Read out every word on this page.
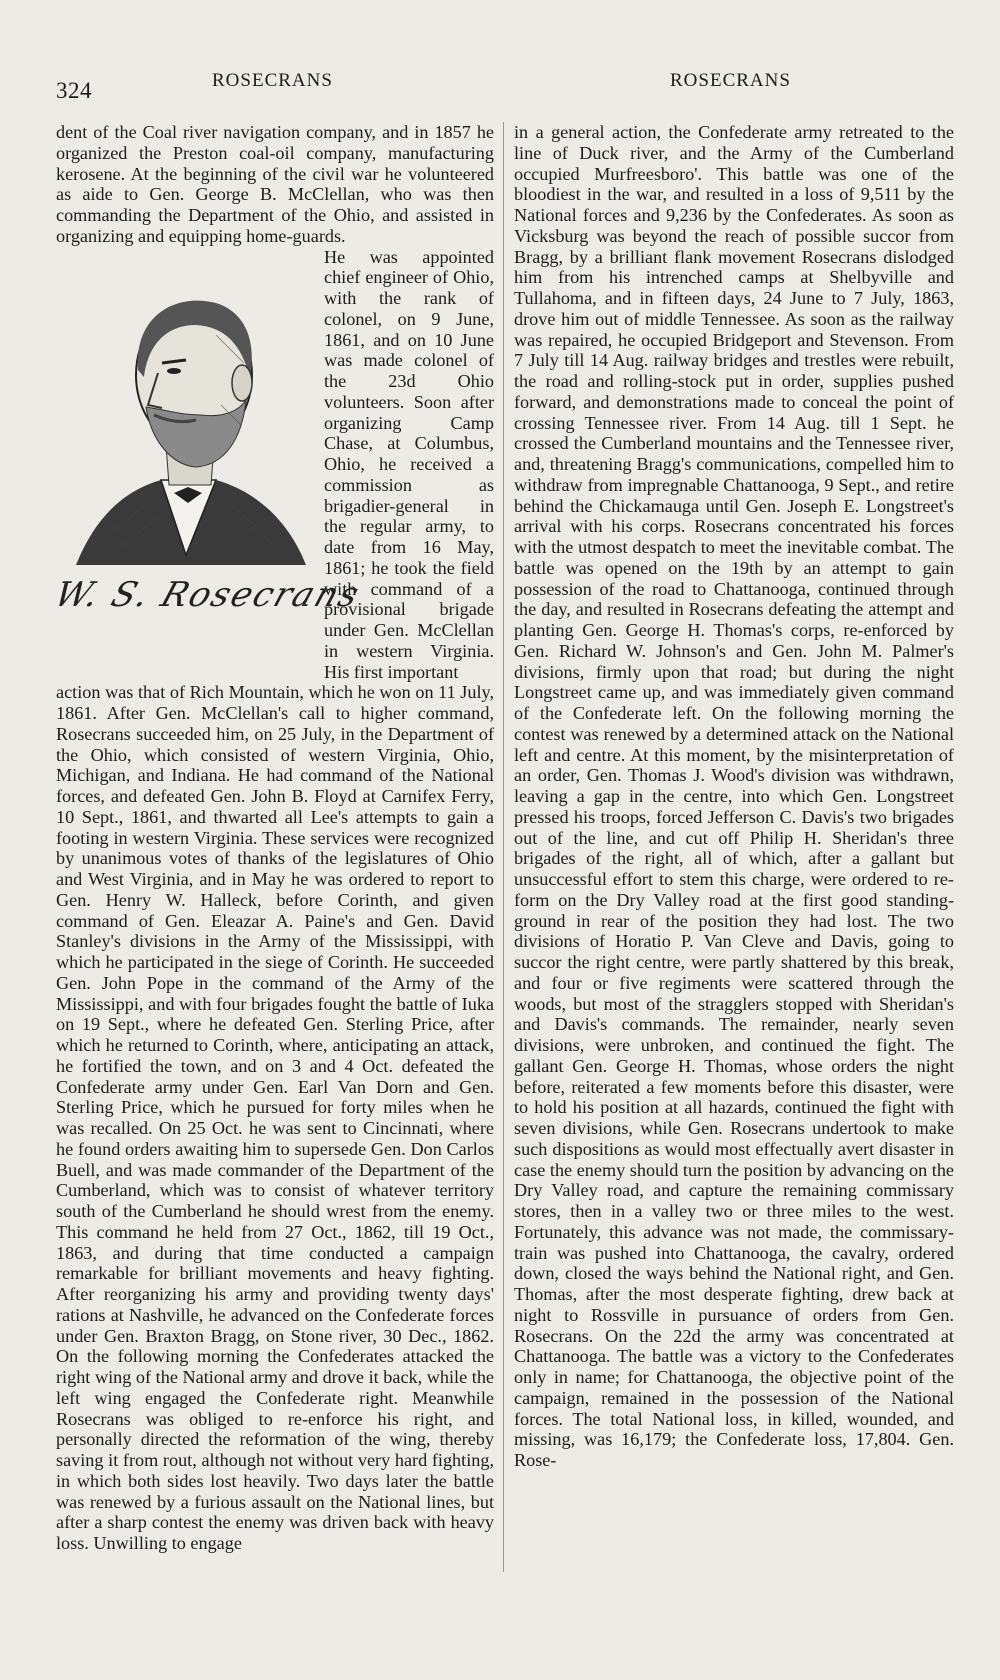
324	ROSECRANS	ROSECRANS

dent of the Coal river navigation company, and in 1857 he organized the Preston coal-oil company, manufacturing kerosene. At the beginning of the civil war he volunteered as aide to Gen. George B. McClellan, who was then commanding the Department of the Ohio, and assisted in organizing and equipping home-guards.

W. S. Rosecrans

He was appointed chief engineer of Ohio, with the rank of colonel, on 9 June, 1861, and on 10 June was made colonel of the 23d Ohio volunteers. Soon after organizing Camp Chase, at Columbus, Ohio, he received a commission as brigadier-general in the regular army, to date from 16 May, 1861; he took the field with command of a provisional brigade under Gen. McClellan in western Virginia. His first important

action was that of Rich Mountain, which he won on 11 July, 1861. After Gen. McClellan's call to higher command, Rosecrans succeeded him, on 25 July, in the Department of the Ohio, which consisted of western Virginia, Ohio, Michigan, and Indiana. He had command of the National forces, and defeated Gen. John B. Floyd at Carnifex Ferry, 10 Sept., 1861, and thwarted all Lee's attempts to gain a footing in western Virginia. These services were recognized by unanimous votes of thanks of the legislatures of Ohio and West Virginia, and in May he was ordered to report to Gen. Henry W. Halleck, before Corinth, and given command of Gen. Eleazar A. Paine's and Gen. David Stanley's divisions in the Army of the Mississippi, with which he participated in the siege of Corinth. He succeeded Gen. John Pope in the command of the Army of the Mississippi, and with four brigades fought the battle of Iuka on 19 Sept., where he defeated Gen. Sterling Price, after which he returned to Corinth, where, anticipating an attack, he fortified the town, and on 3 and 4 Oct. defeated the Confederate army under Gen. Earl Van Dorn and Gen. Sterling Price, which he pursued for forty miles when he was recalled. On 25 Oct. he was sent to Cincinnati, where he found orders awaiting him to supersede Gen. Don Carlos Buell, and was made commander of the Department of the Cumberland, which was to consist of whatever territory south of the Cumberland he should wrest from the enemy. This command he held from 27 Oct., 1862, till 19 Oct., 1863, and during that time conducted a campaign remarkable for brilliant movements and heavy fighting. After reorganizing his army and providing twenty days' rations at Nashville, he advanced on the Confederate forces under Gen. Braxton Bragg, on Stone river, 30 Dec., 1862. On the following morning the Confederates attacked the right wing of the National army and drove it back, while the left wing engaged the Confederate right. Meanwhile Rosecrans was obliged to re-enforce his right, and personally directed the reformation of the wing, thereby saving it from rout, although not without very hard fighting, in which both sides lost heavily. Two days later the battle was renewed by a furious assault on the National lines, but after a sharp contest the enemy was driven back with heavy loss. Unwilling to engage

in a general action, the Confederate army retreated to the line of Duck river, and the Army of the Cumberland occupied Murfreesboro'. This battle was one of the bloodiest in the war, and resulted in a loss of 9,511 by the National forces and 9,236 by the Confederates. As soon as Vicksburg was beyond the reach of possible succor from Bragg, by a brilliant flank movement Rosecrans dislodged him from his intrenched camps at Shelbyville and Tullahoma, and in fifteen days, 24 June to 7 July, 1863, drove him out of middle Tennessee. As soon as the railway was repaired, he occupied Bridgeport and Stevenson. From 7 July till 14 Aug. railway bridges and trestles were rebuilt, the road and rolling-stock put in order, supplies pushed forward, and demonstrations made to conceal the point of crossing Tennessee river. From 14 Aug. till 1 Sept. he crossed the Cumberland mountains and the Tennessee river, and, threatening Bragg's communications, compelled him to withdraw from impregnable Chattanooga, 9 Sept., and retire behind the Chickamauga until Gen. Joseph E. Longstreet's arrival with his corps. Rosecrans concentrated his forces with the utmost despatch to meet the inevitable combat. The battle was opened on the 19th by an attempt to gain possession of the road to Chattanooga, continued through the day, and resulted in Rosecrans defeating the attempt and planting Gen. George H. Thomas's corps, re-enforced by Gen. Richard W. Johnson's and Gen. John M. Palmer's divisions, firmly upon that road; but during the night Longstreet came up, and was immediately given command of the Confederate left. On the following morning the contest was renewed by a determined attack on the National left and centre. At this moment, by the misinterpretation of an order, Gen. Thomas J. Wood's division was withdrawn, leaving a gap in the centre, into which Gen. Longstreet pressed his troops, forced Jefferson C. Davis's two brigades out of the line, and cut off Philip H. Sheridan's three brigades of the right, all of which, after a gallant but unsuccessful effort to stem this charge, were ordered to re-form on the Dry Valley road at the first good standing-ground in rear of the position they had lost. The two divisions of Horatio P. Van Cleve and Davis, going to succor the right centre, were partly shattered by this break, and four or five regiments were scattered through the woods, but most of the stragglers stopped with Sheridan's and Davis's commands. The remainder, nearly seven divisions, were unbroken, and continued the fight. The gallant Gen. George H. Thomas, whose orders the night before, reiterated a few moments before this disaster, were to hold his position at all hazards, continued the fight with seven divisions, while Gen. Rosecrans undertook to make such dispositions as would most effectually avert disaster in case the enemy should turn the position by advancing on the Dry Valley road, and capture the remaining commissary stores, then in a valley two or three miles to the west. Fortunately, this advance was not made, the commissary-train was pushed into Chattanooga, the cavalry, ordered down, closed the ways behind the National right, and Gen. Thomas, after the most desperate fighting, drew back at night to Rossville in pursuance of orders from Gen. Rosecrans. On the 22d the army was concentrated at Chattanooga. The battle was a victory to the Confederates only in name; for Chattanooga, the objective point of the campaign, remained in the possession of the National forces. The total National loss, in killed, wounded, and missing, was 16,179; the Confederate loss, 17,804. Gen. Rose-
